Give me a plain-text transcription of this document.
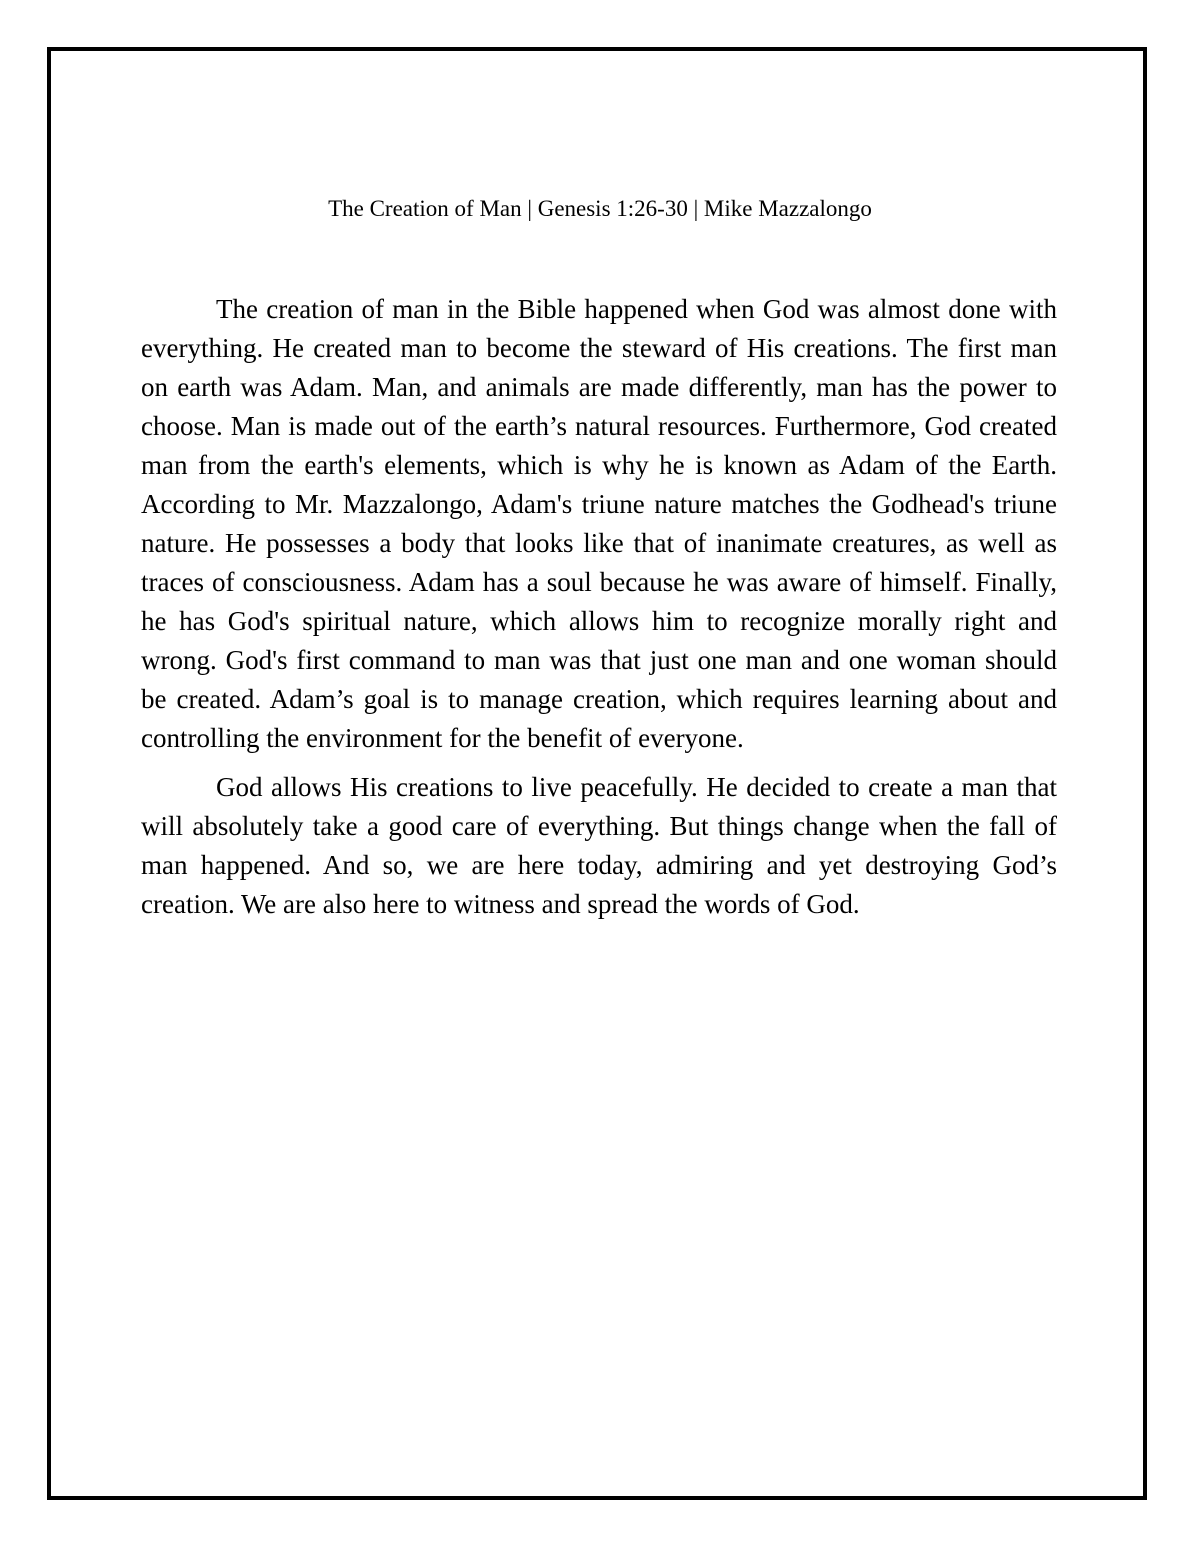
The Creation of Man | Genesis 1:26-30 | Mike Mazzalongo

The creation of man in the Bible happened when God was almost done with everything. He created man to become the steward of His creations. The first man on earth was Adam. Man, and animals are made differently, man has the power to choose. Man is made out of the earth’s natural resources. Furthermore, God created man from the earth's elements, which is why he is known as Adam of the Earth. According to Mr. Mazzalongo, Adam's triune nature matches the Godhead's triune nature. He possesses a body that looks like that of inanimate creatures, as well as traces of consciousness. Adam has a soul because he was aware of himself. Finally, he has God's spiritual nature, which allows him to recognize morally right and wrong. God's first command to man was that just one man and one woman should be created. Adam’s goal is to manage creation, which requires learning about and controlling the environment for the benefit of everyone.

God allows His creations to live peacefully. He decided to create a man that will absolutely take a good care of everything. But things change when the fall of man happened. And so, we are here today, admiring and yet destroying God’s creation. We are also here to witness and spread the words of God.
